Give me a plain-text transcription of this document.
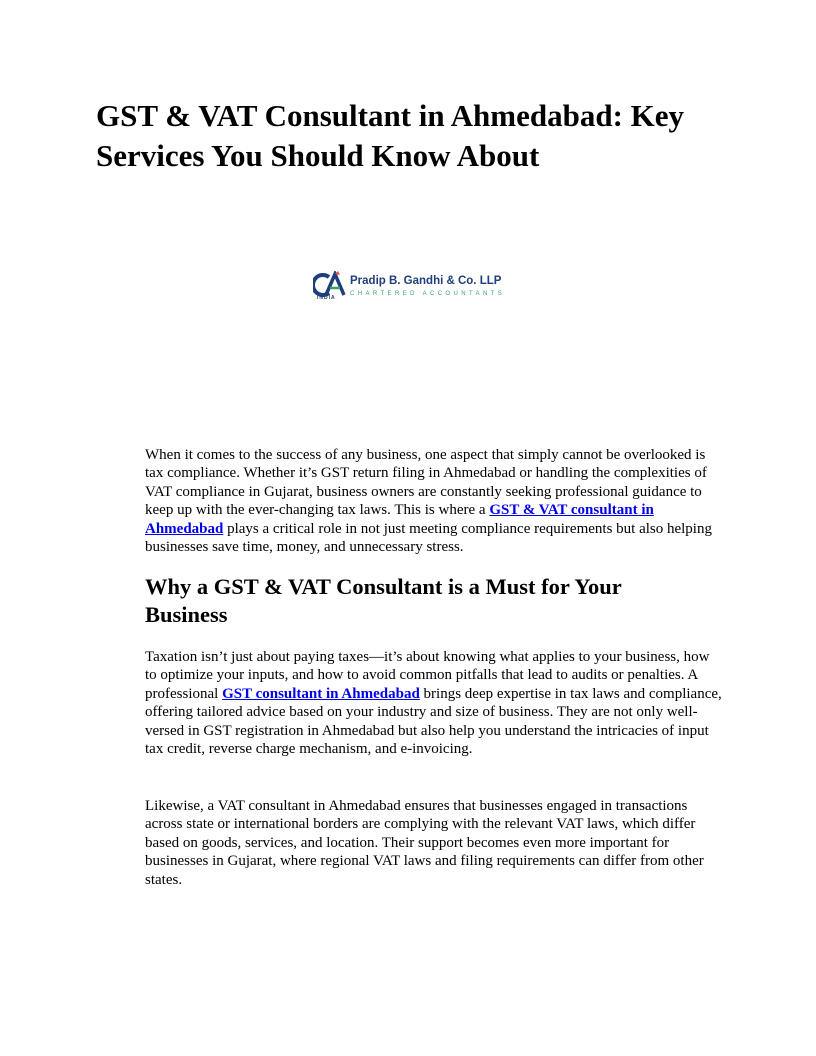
GST & VAT Consultant in Ahmedabad: Key Services You Should Know About
INDIA
Pradip B. Gandhi & Co. LLP
CHARTERED ACCOUNTANTS

When it comes to the success of any business, one aspect that simply cannot be overlooked is tax compliance. Whether it’s GST return filing in Ahmedabad or handling the complexities of VAT compliance in Gujarat, business owners are constantly seeking professional guidance to keep up with the ever-changing tax laws. This is where a GST & VAT consultant in Ahmedabad plays a critical role in not just meeting compliance requirements but also helping businesses save time, money, and unnecessary stress.

Why a GST & VAT Consultant is a Must for Your Business

Taxation isn’t just about paying taxes—it’s about knowing what applies to your business, how to optimize your inputs, and how to avoid common pitfalls that lead to audits or penalties. A professional GST consultant in Ahmedabad brings deep expertise in tax laws and compliance, offering tailored advice based on your industry and size of business. They are not only well-versed in GST registration in Ahmedabad but also help you understand the intricacies of input tax credit, reverse charge mechanism, and e-invoicing.

Likewise, a VAT consultant in Ahmedabad ensures that businesses engaged in transactions across state or international borders are complying with the relevant VAT laws, which differ based on goods, services, and location. Their support becomes even more important for businesses in Gujarat, where regional VAT laws and filing requirements can differ from other states.
